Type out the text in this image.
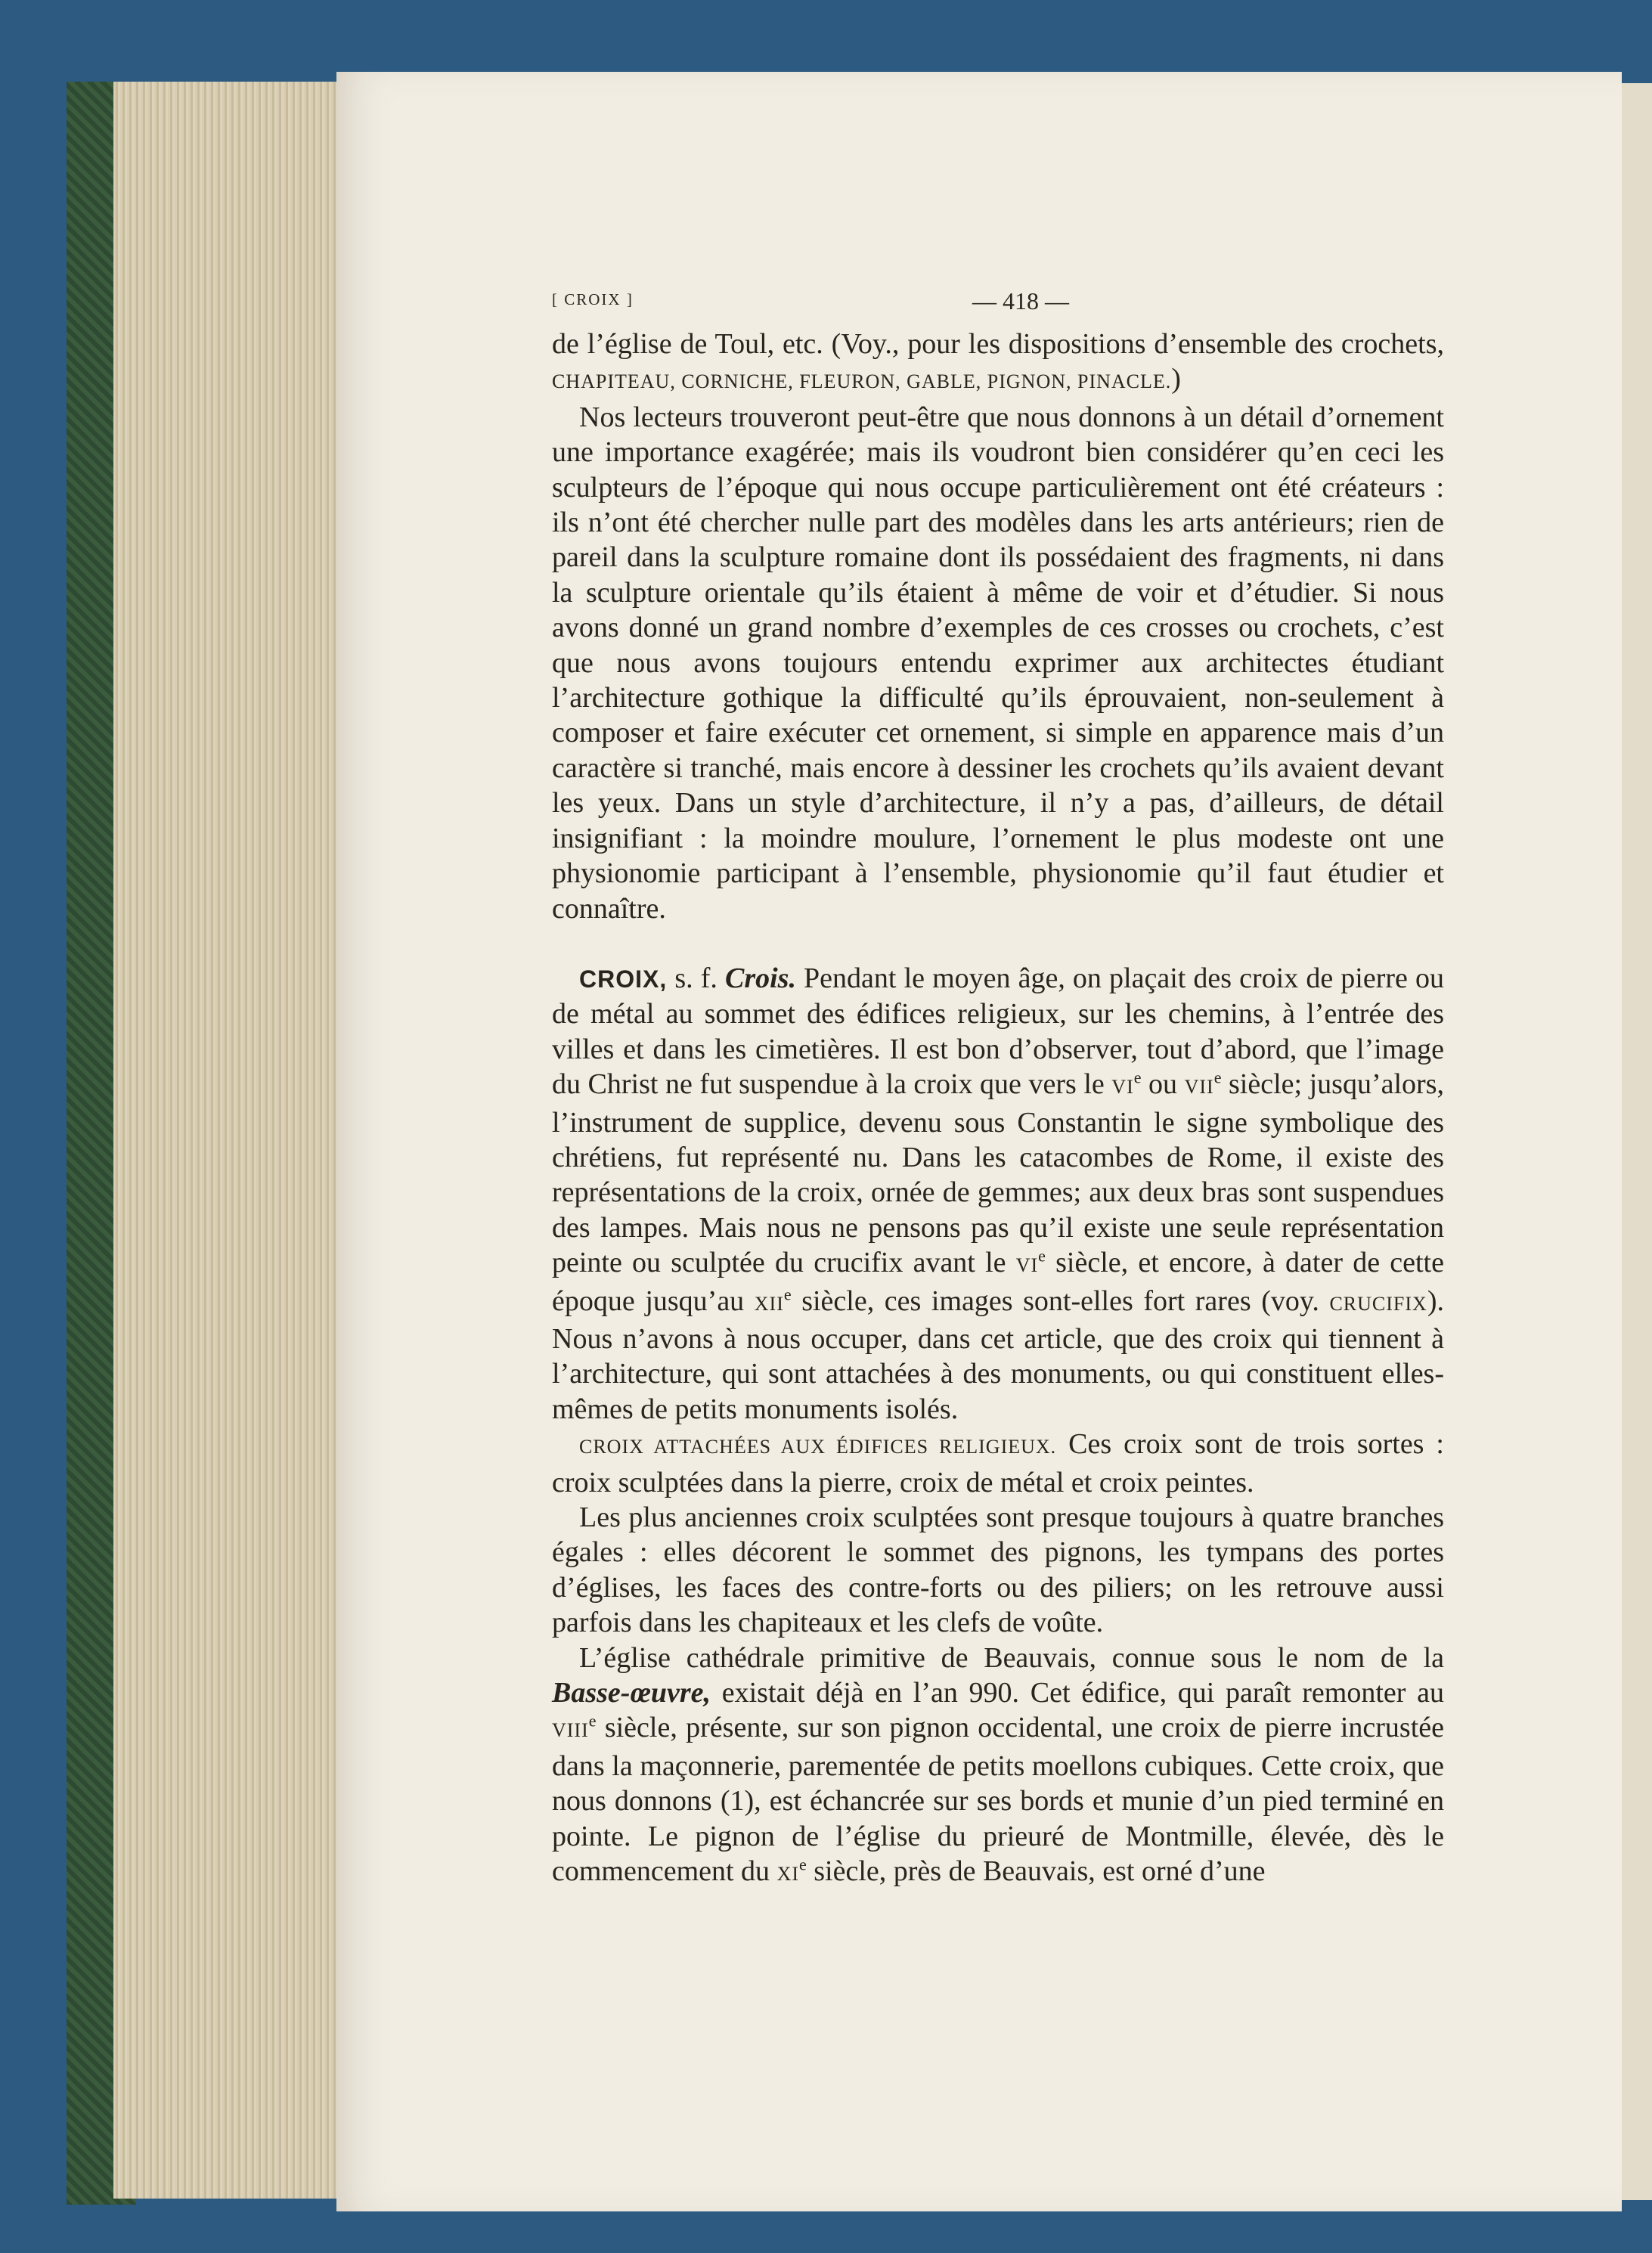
[ CROIX ]	— 418 —

de l’église de Toul, etc. (Voy., pour les dispositions d’ensemble des crochets, CHAPITEAU, CORNICHE, FLEURON, GABLE, PIGNON, PINACLE.)

Nos lecteurs trouveront peut-être que nous donnons à un détail d’ornement une importance exagérée; mais ils voudront bien considérer qu’en ceci les sculpteurs de l’époque qui nous occupe particulièrement ont été créateurs : ils n’ont été chercher nulle part des modèles dans les arts antérieurs; rien de pareil dans la sculpture romaine dont ils possédaient des fragments, ni dans la sculpture orientale qu’ils étaient à même de voir et d’étudier. Si nous avons donné un grand nombre d’exemples de ces crosses ou crochets, c’est que nous avons toujours entendu exprimer aux architectes étudiant l’architecture gothique la difficulté qu’ils éprouvaient, non-seulement à composer et faire exécuter cet ornement, si simple en apparence mais d’un caractère si tranché, mais encore à dessiner les crochets qu’ils avaient devant les yeux. Dans un style d’architecture, il n’y a pas, d’ailleurs, de détail insignifiant : la moindre moulure, l’ornement le plus modeste ont une physionomie participant à l’ensemble, physionomie qu’il faut étudier et connaître.

CROIX, s. f. Crois. Pendant le moyen âge, on plaçait des croix de pierre ou de métal au sommet des édifices religieux, sur les chemins, à l’entrée des villes et dans les cimetières. Il est bon d’observer, tout d’abord, que l’image du Christ ne fut suspendue à la croix que vers le VIe ou VIIe siècle; jusqu’alors, l’instrument de supplice, devenu sous Constantin le signe symbolique des chrétiens, fut représenté nu. Dans les catacombes de Rome, il existe des représentations de la croix, ornée de gemmes; aux deux bras sont suspendues des lampes. Mais nous ne pensons pas qu’il existe une seule représentation peinte ou sculptée du crucifix avant le VIe siècle, et encore, à dater de cette époque jusqu’au XIIe siècle, ces images sont-elles fort rares (voy. CRUCIFIX). Nous n’avons à nous occuper, dans cet article, que des croix qui tiennent à l’architecture, qui sont attachées à des monuments, ou qui constituent elles-mêmes de petits monuments isolés.

CROIX ATTACHÉES AUX ÉDIFICES RELIGIEUX. Ces croix sont de trois sortes : croix sculptées dans la pierre, croix de métal et croix peintes.

Les plus anciennes croix sculptées sont presque toujours à quatre branches égales : elles décorent le sommet des pignons, les tympans des portes d’églises, les faces des contre-forts ou des piliers; on les retrouve aussi parfois dans les chapiteaux et les clefs de voûte.

L’église cathédrale primitive de Beauvais, connue sous le nom de la Basse-œuvre, existait déjà en l’an 990. Cet édifice, qui paraît remonter au VIIIe siècle, présente, sur son pignon occidental, une croix de pierre incrustée dans la maçonnerie, parementée de petits moellons cubiques. Cette croix, que nous donnons (1), est échancrée sur ses bords et munie d’un pied terminé en pointe. Le pignon de l’église du prieuré de Montmille, élevée, dès le commencement du XIe siècle, près de Beauvais, est orné d’une
